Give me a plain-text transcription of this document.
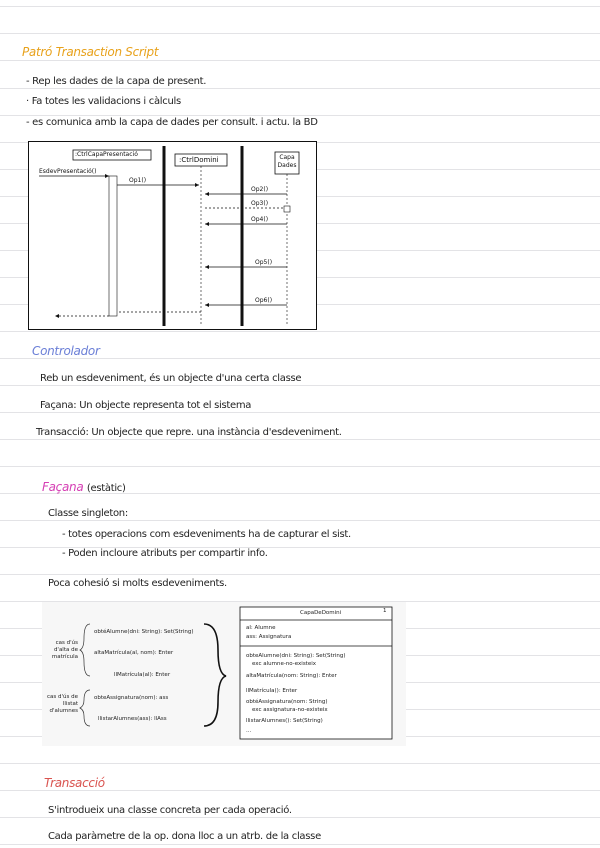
Patró Transaction Script
- Rep les dades de la capa de present.
· Fa totes les validacions i càlculs
- es comunica amb la capa de dades per consult. i actu. la BD
:CtrlCapaPresentació
:CtrlDomini	Capa Dades
EsdevPresentació()
Op1()
Op2()
Op3()
Op4()
Op5()
Op6()
Controlador
Reb un esdeveniment, és un objecte d'una certa classe
Façana: Un objecte representa tot el sistema
Transacció: Un objecte que repre. una instància d'esdeveniment.
Façana (estàtic)
Classe singleton:
- totes operacions com esdeveniments ha de capturar el sist.
- Poden incloure atributs per compartir info.
Poca cohesió si molts esdeveniments.
cas d'ús d'alta de matrícula
cas d'ús de llistat d'alumnes
obtéAlumne(dni: String): Set(String)
altaMatrícula(al, nom): Enter
llMatrícula(al): Enter
obteAssignatura(nom): ass
llistarAlumnes(ass): llAss
CapaDeDomini	1
al: Alumne
ass: Assignatura
obteAlumne(dni: String): Set(String)
exc alumne-no-existeix
altaMatrícula(nom: String): Enter
llMatrícula(): Enter
obtéAssignatura(nom: String)
exc assignatura-no-existeix
llistarAlumnes(): Set(String)
...
Transacció
S'introdueix una classe concreta per cada operació.
Cada paràmetre de la op. dona lloc a un atrb. de la classe
